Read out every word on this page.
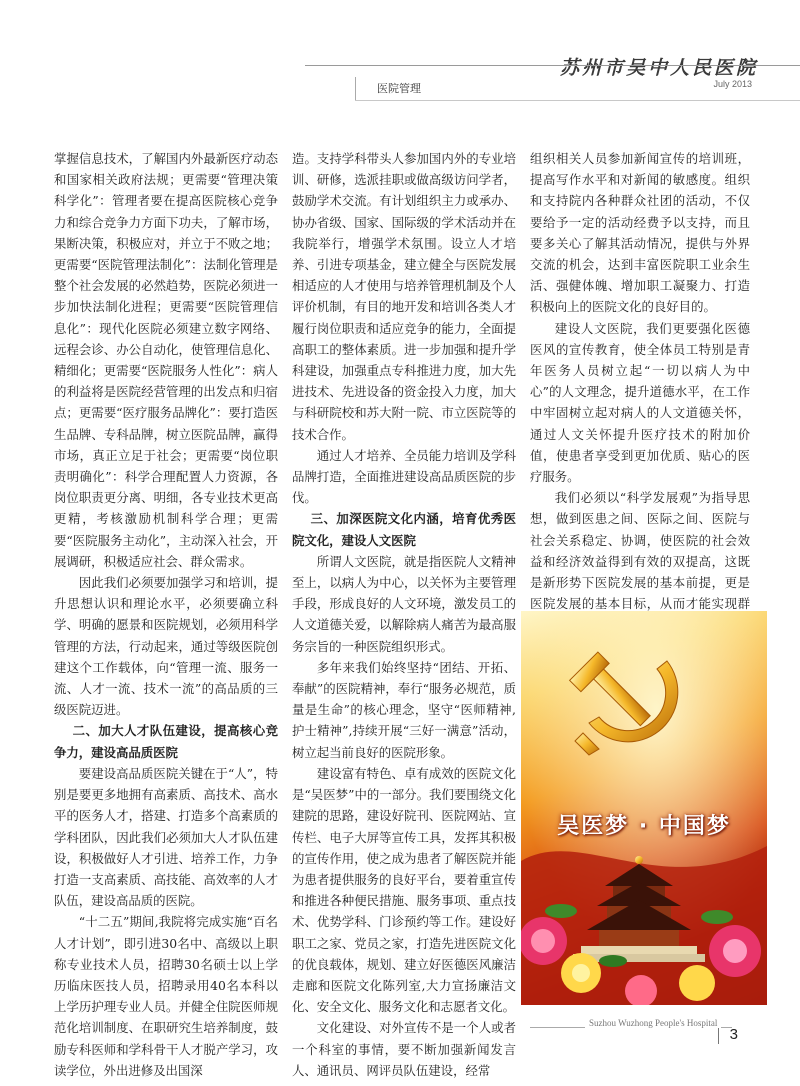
苏州市吴中人民医院
July 2013
医院管理

掌握信息技术，了解国内外最新医疗动态和国家相关政府法规；更需要“管理决策科学化”：管理者要在提高医院核心竞争力和综合竞争力方面下功夫，了解市场，果断决策，积极应对，并立于不败之地；更需要“医院管理法制化”：法制化管理是整个社会发展的必然趋势，医院必须进一步加快法制化进程；更需要“医院管理信息化”：现代化医院必须建立数字网络、远程会诊、办公自动化，使管理信息化、精细化；更需要“医院服务人性化”：病人的利益将是医院经营管理的出发点和归宿点；更需要“医疗服务品牌化”：要打造医生品牌、专科品牌，树立医院品牌，赢得市场，真正立足于社会；更需要“岗位职责明确化”：科学合理配置人力资源，各岗位职责更分离、明细，各专业技术更高更精，考核激励机制科学合理；更需要“医院服务主动化”，主动深入社会，开展调研，积极适应社会、群众需求。

因此我们必须要加强学习和培训，提升思想认识和理论水平，必须要确立科学、明确的愿景和医院规划，必须用科学管理的方法，行动起来，通过等级医院创建这个工作载体，向“管理一流、服务一流、人才一流、技术一流”的高品质的三级医院迈进。

二、加大人才队伍建设，提高核心竞争力，建设高品质医院

要建设高品质医院关键在于“人”，特别是要更多地拥有高素质、高技术、高水平的医务人才，搭建、打造多个高素质的学科团队，因此我们必须加大人才队伍建设，积极做好人才引进、培养工作，力争打造一支高素质、高技能、高效率的人才队伍，建设高品质的医院。

“十二五”期间,我院将完成实施“百名人才计划”，即引进30名中、高级以上职称专业技术人员，招聘30名硕士以上学历临床医技人员，招聘录用40名本科以上学历护理专业人员。并健全住院医师规范化培训制度、在职研究生培养制度，鼓励专科医师和学科骨干人才脱产学习，攻读学位，外出进修及出国深

造。支持学科带头人参加国内外的专业培训、研修，选派挂职或做高级访问学者，鼓励学术交流。有计划组织主力或承办、协办省级、国家、国际级的学术活动并在我院举行，增强学术氛围。设立人才培养、引进专项基金，建立健全与医院发展相适应的人才使用与培养管理机制及个人评价机制，有目的地开发和培训各类人才履行岗位职责和适应竞争的能力，全面提高职工的整体素质。进一步加强和提升学科建设，加强重点专科推进力度，加大先进技术、先进设备的资金投入力度，加大与科研院校和苏大附一院、市立医院等的技术合作。

通过人才培养、全员能力培训及学科品牌打造，全面推进建设高品质医院的步伐。

三、加深医院文化内涵，培育优秀医院文化，建设人文医院

所谓人文医院，就是指医院人文精神至上，以病人为中心，以关怀为主要管理手段，形成良好的人文环境，激发员工的人文道德关爱，以解除病人痛苦为最高服务宗旨的一种医院组织形式。

多年来我们始终坚持“团结、开拓、奉献”的医院精神，奉行“服务必规范，质量是生命”的核心理念，坚守“医师精神,护士精神”,持续开展“三好一满意”活动，树立起当前良好的医院形象。

建设富有特色、卓有成效的医院文化是“吴医梦”中的一部分。我们要围绕文化建院的思路，建设好院刊、医院网站、宣传栏、电子大屏等宣传工具，发挥其积极的宣传作用，使之成为患者了解医院并能为患者提供服务的良好平台，要着重宣传和推进各种便民措施、服务事项、重点技术、优势学科、门诊预约等工作。建设好职工之家、党员之家，打造先进医院文化的优良载体，规划、建立好医德医风廉洁走廊和医院文化陈列室,大力宣扬廉洁文化、安全文化、服务文化和志愿者文化。

文化建设、对外宣传不是一个人或者一个科室的事情，要不断加强新闻发言人、通讯员、网评员队伍建设，经常

组织相关人员参加新闻宣传的培训班，提高写作水平和对新闻的敏感度。组织和支持院内各种群众社团的活动，不仅要给予一定的活动经费予以支持，而且要多关心了解其活动情况，提供与外界交流的机会，达到丰富医院职工业余生活、强健体魄、增加职工凝聚力、打造积极向上的医院文化的良好目的。

建设人文医院，我们更要强化医德医风的宣传教育，使全体员工特别是青年医务人员树立起“一切以病人为中心”的人文理念，提升道德水平，在工作中牢固树立起对病人的人文道德关怀，通过人文关怀提升医疗技术的附加价值，使患者享受到更加优质、贴心的医疗服务。

我们必须以“科学发展观”为指导思想，做到医患之间、医际之间、医院与社会关系稳定、协调，使医院的社会效益和经济效益得到有效的双提高，这既是新形势下医院发展的基本前提，更是医院发展的基本目标，从而才能实现群

吴医梦 · 中国梦
Suzhou Wuzhong People's Hospital
3
